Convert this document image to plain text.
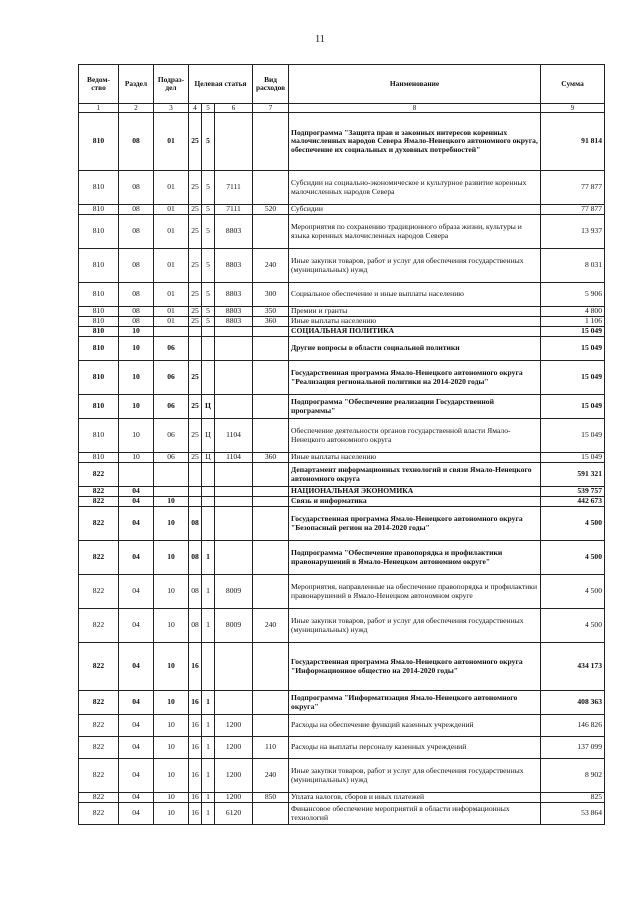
11
Ведом-ство	Раздел	Подраз-дел	Целевая статья			Вид расходов	Наименование	Сумма
1	2	3	4	5	6	7	8	9
810	08	01	25	5			Подпрограмма "Защита прав и законных интересов коренных малочисленных народов Севера Ямало-Ненецкого автономного округа, обеспечение их социальных и духовных потребностей"	91 814
810	08	01	25	5	7111		Субсидии на социально-экономическое и культурное развитие коренных малочисленных народов Севера	77 877
810	08	01	25	5	7111	520	Субсидии	77 877
810	08	01	25	5	8803		Мероприятия по сохранению традиционного образа жизни, культуры и языка коренных малочисленных народов Севера	13 937
810	08	01	25	5	8803	240	Иные закупки товаров, работ и услуг для обеспечения государственных (муниципальных) нужд	8 031
810	08	01	25	5	8803	300	Социальное обеспечение и иные выплаты населению	5 906
810	08	01	25	5	8803	350	Премии и гранты	4 800
810	08	01	25	5	8803	360	Иные выплаты населению	1 106
810	10						СОЦИАЛЬНАЯ ПОЛИТИКА	15 049
810	10	06					Другие вопросы в области социальной политики	15 049
810	10	06	25				Государственная программа Ямало-Ненецкого автономного округа "Реализация региональной политики на 2014-2020 годы"	15 049
810	10	06	25	Ц			Подпрограмма "Обеспечение реализации Государственной программы"	15 049
810	10	06	25	Ц	1104		Обеспечение деятельности органов государственной власти Ямало-Ненецкого автономного округа	15 049
810	10	06	25	Ц	1104	360	Иные выплаты населению	15 049
822							Департамент информационных технологий и связи Ямало-Ненецкого автономного округа	591 321
822	04						НАЦИОНАЛЬНАЯ ЭКОНОМИКА	539 757
822	04	10					Связь и информатика	442 673
822	04	10	08				Государственная программа Ямало-Ненецкого автономного округа "Безопасный регион на 2014-2020 годы"	4 500
822	04	10	08	1			Подпрограмма "Обеспечение правопорядка и профилактики правонарушений в Ямало-Ненецком автономном округе"	4 500
822	04	10	08	1	8009		Мероприятия, направленные на обеспечение правопорядка и профилактики правонарушений в Ямало-Ненецком автономном округе	4 500
822	04	10	08	1	8009	240	Иные закупки товаров, работ и услуг для обеспечения государственных (муниципальных) нужд	4 500
822	04	10	16				Государственная программа Ямало-Ненецкого автономного округа "Информационное общество на 2014-2020 годы"	434 173
822	04	10	16	1			Подпрограмма "Информатизация Ямало-Ненецкого автономного округа"	408 363
822	04	10	16	1	1200		Расходы на обеспечение функций казенных учреждений	146 826
822	04	10	16	1	1200	110	Расходы на выплаты персоналу казенных учреждений	137 099
822	04	10	16	1	1200	240	Иные закупки товаров, работ и услуг для обеспечения государственных (муниципальных) нужд	8 902
822	04	10	16	1	1200	850	Уплата налогов, сборов и иных платежей	825
822	04	10	16	1	6120		Финансовое обеспечение мероприятий в области информационных технологий	53 864
